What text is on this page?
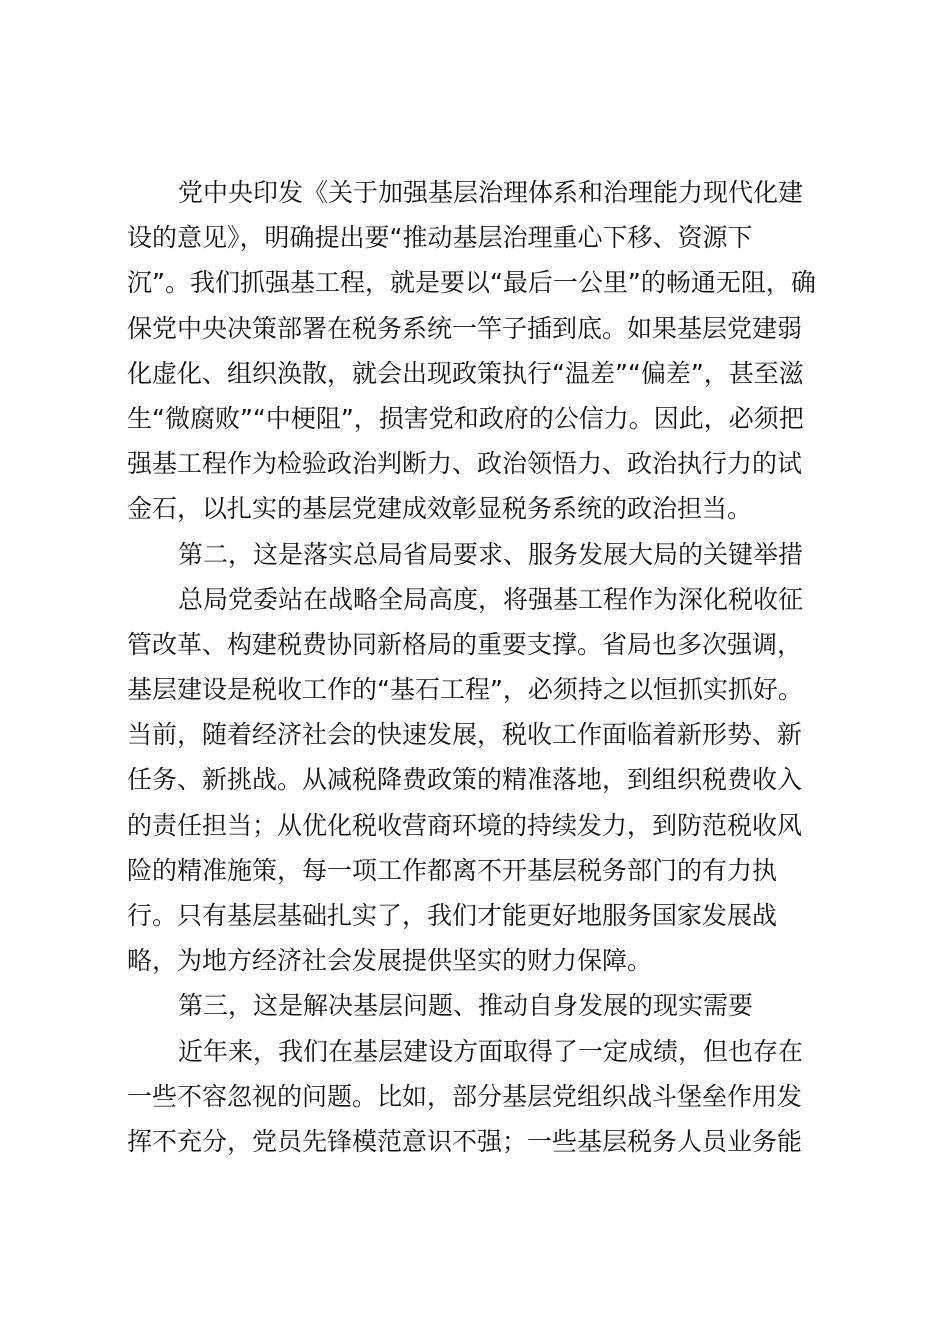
党中央印发《关于加强基层治理体系和治理能力现代化建
设的意见》，明确提出要“推动基层治理重心下移、资源下
沉”。我们抓强基工程，就是要以“最后一公里”的畅通无阻，确
保党中央决策部署在税务系统一竿子插到底。如果基层党建弱
化虚化、组织涣散，就会出现政策执行“温差”“偏差”，甚至滋
生“微腐败”“中梗阻”，损害党和政府的公信力。因此，必须把
强基工程作为检验政治判断力、政治领悟力、政治执行力的试
金石，以扎实的基层党建成效彰显税务系统的政治担当。
第二，这是落实总局省局要求、服务发展大局的关键举措
总局党委站在战略全局高度，将强基工程作为深化税收征
管改革、构建税费协同新格局的重要支撑。省局也多次强调，
基层建设是税收工作的“基石工程”，必须持之以恒抓实抓好。
当前，随着经济社会的快速发展，税收工作面临着新形势、新
任务、新挑战。从减税降费政策的精准落地，到组织税费收入
的责任担当；从优化税收营商环境的持续发力，到防范税收风
险的精准施策，每一项工作都离不开基层税务部门的有力执
行。只有基层基础扎实了，我们才能更好地服务国家发展战
略，为地方经济社会发展提供坚实的财力保障。
第三，这是解决基层问题、推动自身发展的现实需要
近年来，我们在基层建设方面取得了一定成绩，但也存在
一些不容忽视的问题。比如，部分基层党组织战斗堡垒作用发
挥不充分，党员先锋模范意识不强；一些基层税务人员业务能
